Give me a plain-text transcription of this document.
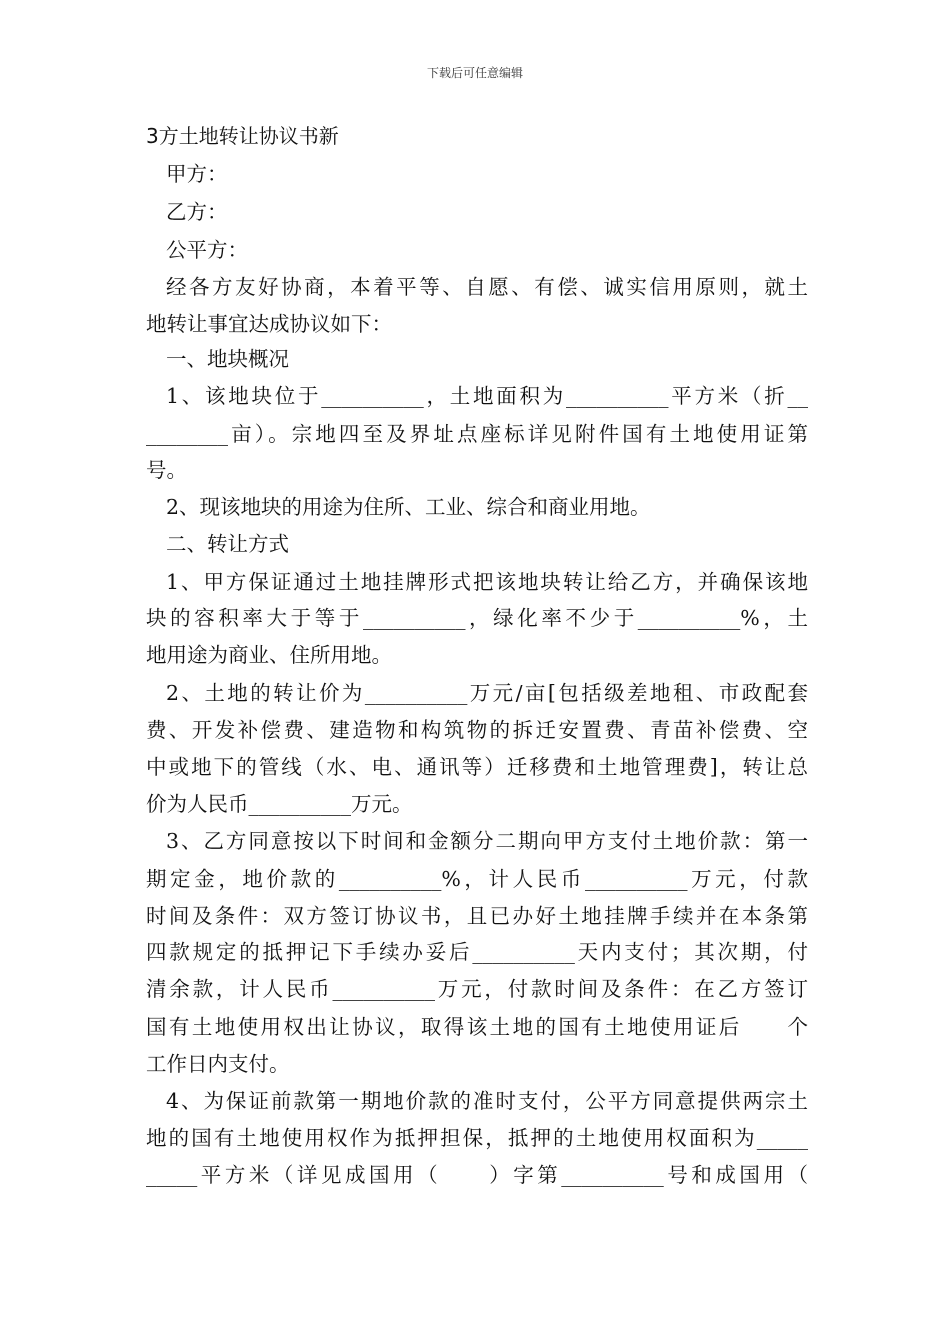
下载后可任意编辑
3方土地转让协议书新
甲方：
乙方：
公平方：
经各方友好协商，本着平等、自愿、有偿、诚实信用原则，就土
地转让事宜达成协议如下：
一、地块概况
1、该地块位于__________，土地面积为__________平方米（折__
________亩）。宗地四至及界址点座标详见附件国有土地使用证第
号。
2、现该地块的用途为住所、工业、综合和商业用地。
二、转让方式
1、甲方保证通过土地挂牌形式把该地块转让给乙方，并确保该地
块的容积率大于等于__________，绿化率不少于__________%，土
地用途为商业、住所用地。
2、土地的转让价为__________万元/亩[包括级差地租、市政配套
费、开发补偿费、建造物和构筑物的拆迁安置费、青苗补偿费、空
中或地下的管线（水、电、通讯等）迁移费和土地管理费]，转让总
价为人民币__________万元。
3、乙方同意按以下时间和金额分二期向甲方支付土地价款：第一
期定金，地价款的__________%，计人民币__________万元，付款
时间及条件：双方签订协议书，且已办好土地挂牌手续并在本条第
四款规定的抵押记下手续办妥后__________天内支付；其次期，付
清余款，计人民币__________万元，付款时间及条件：在乙方签订
国有土地使用权出让协议，取得该土地的国有土地使用证后　　个
工作日内支付。
4、为保证前款第一期地价款的准时支付，公平方同意提供两宗土
地的国有土地使用权作为抵押担保，抵押的土地使用权面积为_____
_____平方米（详见成国用（　　）字第__________号和成国用（
